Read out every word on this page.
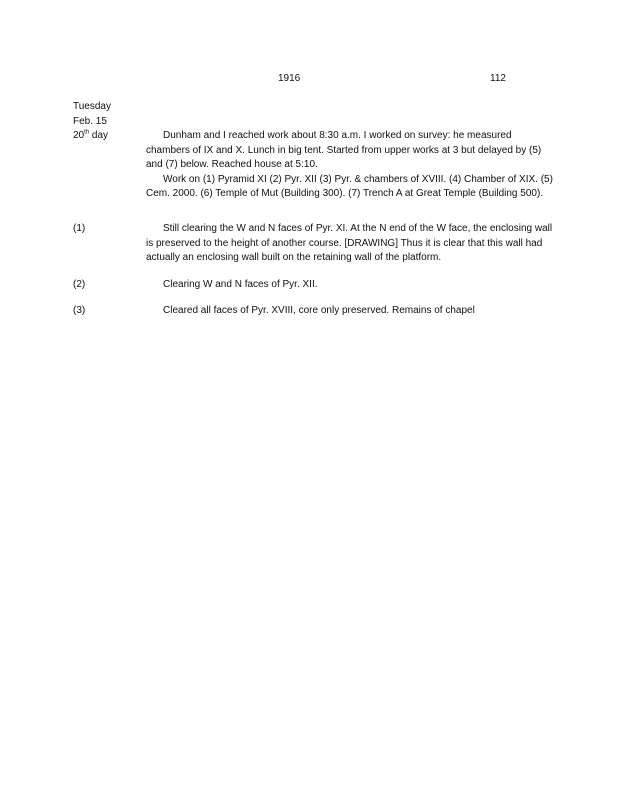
1916	112
Tuesday
Feb. 15
20th day	Dunham and I reached work about 8:30 a.m. I worked on survey: he measured chambers of IX and X. Lunch in big tent. Started from upper works at 3 but delayed by (5) and (7) below. Reached house at 5:10.
Work on (1) Pyramid XI (2) Pyr. XII (3) Pyr. & chambers of XVIII. (4) Chamber of XIX. (5) Cem. 2000. (6) Temple of Mut (Building 300). (7) Trench A at Great Temple (Building 500).
(1)	Still clearing the W and N faces of Pyr. XI. At the N end of the W face, the enclosing wall is preserved to the height of another course. [DRAWING] Thus it is clear that this wall had actually an enclosing wall built on the retaining wall of the platform.
(2)	Clearing W and N faces of Pyr. XII.
(3)	Cleared all faces of Pyr. XVIII, core only preserved. Remains of chapel
